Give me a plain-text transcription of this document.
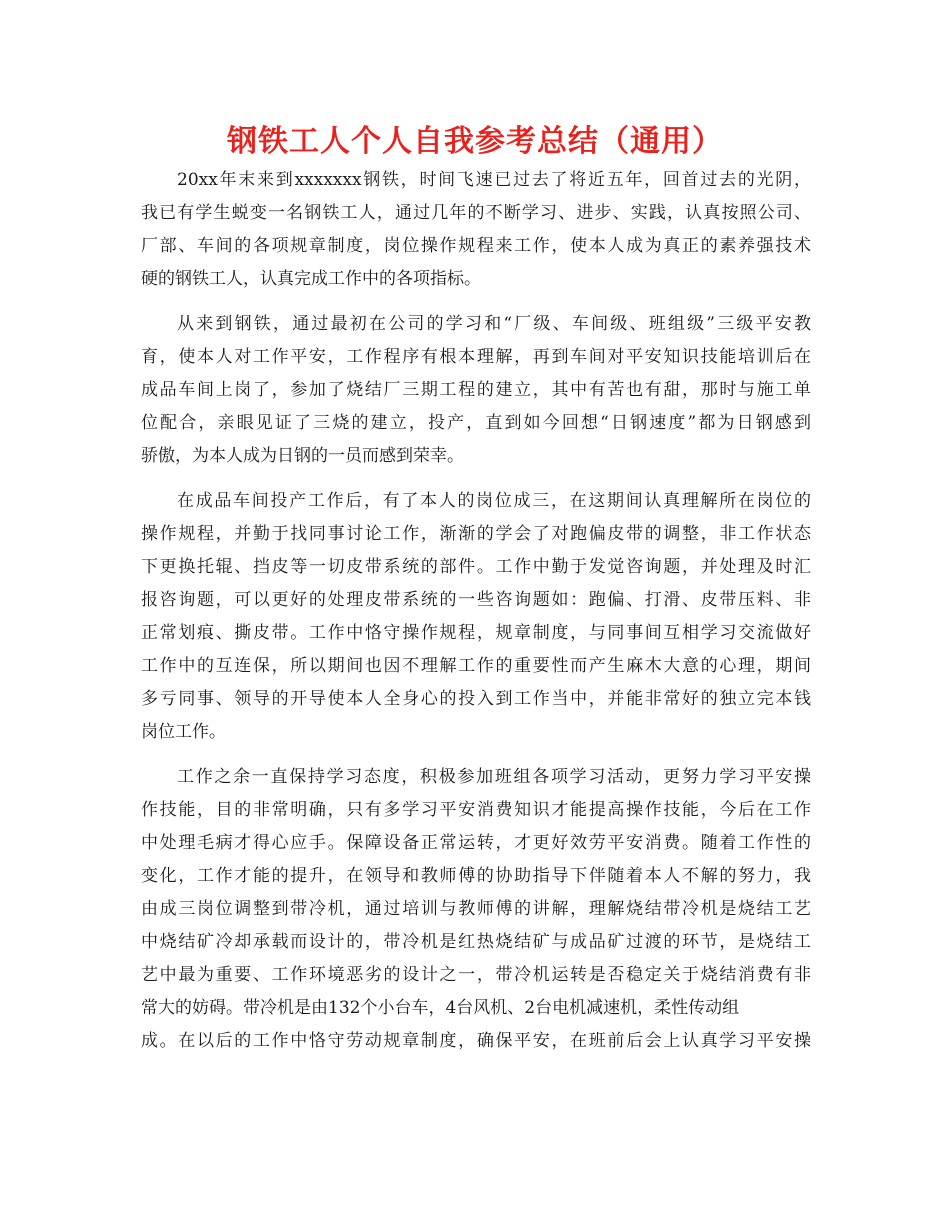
钢铁工人个人自我参考总结（通用）

20xx年末来到xxxxxxx钢铁，时间飞速已过去了将近五年，回首过去的光阴，
我已有学生蜕变一名钢铁工人，通过几年的不断学习、进步、实践，认真按照公司、
厂部、车间的各项规章制度，岗位操作规程来工作，使本人成为真正的素养强技术
硬的钢铁工人，认真完成工作中的各项指标。

从来到钢铁，通过最初在公司的学习和“厂级、车间级、班组级”三级平安教
育，使本人对工作平安，工作程序有根本理解，再到车间对平安知识技能培训后在
成品车间上岗了，参加了烧结厂三期工程的建立，其中有苦也有甜，那时与施工单
位配合，亲眼见证了三烧的建立，投产，直到如今回想“日钢速度”都为日钢感到
骄傲，为本人成为日钢的一员而感到荣幸。

在成品车间投产工作后，有了本人的岗位成三，在这期间认真理解所在岗位的
操作规程，并勤于找同事讨论工作，渐渐的学会了对跑偏皮带的调整，非工作状态
下更换托辊、挡皮等一切皮带系统的部件。工作中勤于发觉咨询题，并处理及时汇
报咨询题，可以更好的处理皮带系统的一些咨询题如：跑偏、打滑、皮带压料、非
正常划痕、撕皮带。工作中恪守操作规程，规章制度，与同事间互相学习交流做好
工作中的互连保，所以期间也因不理解工作的重要性而产生麻木大意的心理，期间
多亏同事、领导的开导使本人全身心的投入到工作当中，并能非常好的独立完本钱
岗位工作。

工作之余一直保持学习态度，积极参加班组各项学习活动，更努力学习平安操
作技能，目的非常明确，只有多学习平安消费知识才能提高操作技能，今后在工作
中处理毛病才得心应手。保障设备正常运转，才更好效劳平安消费。随着工作性的
变化，工作才能的提升，在领导和教师傅的协助指导下伴随着本人不解的努力，我
由成三岗位调整到带冷机，通过培训与教师傅的讲解，理解烧结带冷机是烧结工艺
中烧结矿冷却承载而设计的，带冷机是红热烧结矿与成品矿过渡的环节，是烧结工
艺中最为重要、工作环境恶劣的设计之一，带冷机运转是否稳定关于烧结消费有非
常大的妨碍。带冷机是由132个小台车，4台风机、2台电机减速机，柔性传动组
成。在以后的工作中恪守劳动规章制度，确保平安，在班前后会上认真学习平安操
